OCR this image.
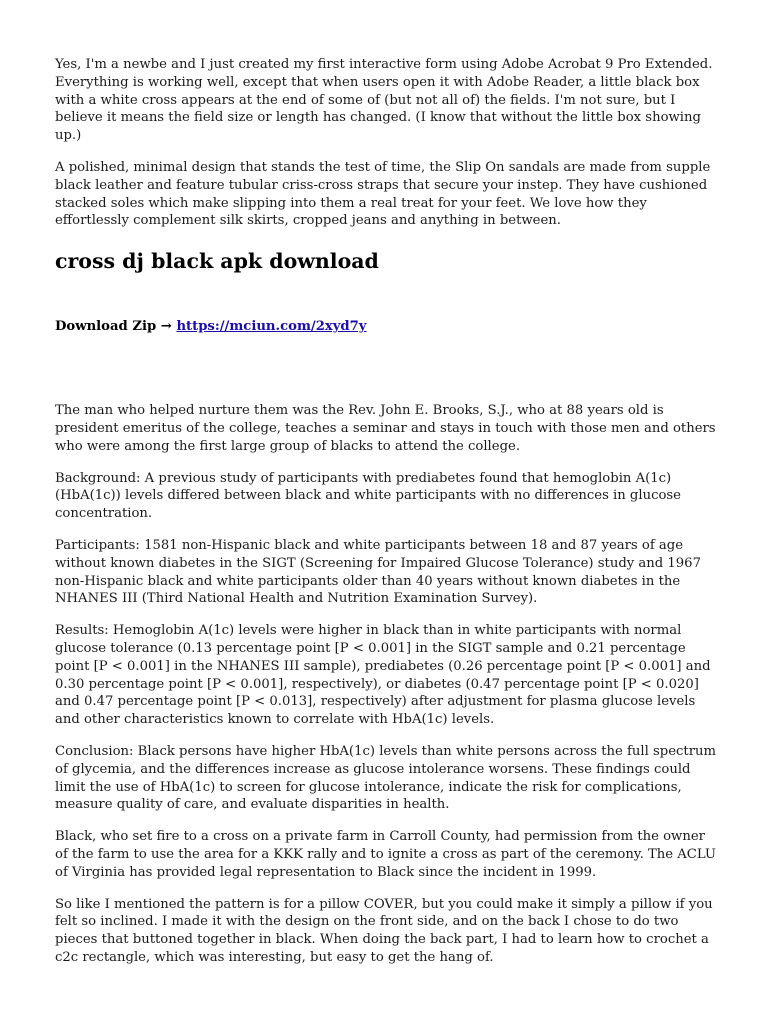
Yes, I'm a newbe and I just created my first interactive form using Adobe Acrobat 9 Pro Extended. Everything is working well, except that when users open it with Adobe Reader, a little black box with a white cross appears at the end of some of (but not all of) the fields. I'm not sure, but I believe it means the field size or length has changed. (I know that without the little box showing up.)

A polished, minimal design that stands the test of time, the Slip On sandals are made from supple black leather and feature tubular criss-cross straps that secure your instep. They have cushioned stacked soles which make slipping into them a real treat for your feet. We love how they effortlessly complement silk skirts, cropped jeans and anything in between.

cross dj black apk download
Download Zip → https://mciun.com/2xyd7y

The man who helped nurture them was the Rev. John E. Brooks, S.J., who at 88 years old is president emeritus of the college, teaches a seminar and stays in touch with those men and others who were among the first large group of blacks to attend the college.

Background: A previous study of participants with prediabetes found that hemoglobin A(1c) (HbA(1c)) levels differed between black and white participants with no differences in glucose concentration.

Participants: 1581 non-Hispanic black and white participants between 18 and 87 years of age without known diabetes in the SIGT (Screening for Impaired Glucose Tolerance) study and 1967 non-Hispanic black and white participants older than 40 years without known diabetes in the NHANES III (Third National Health and Nutrition Examination Survey).

Results: Hemoglobin A(1c) levels were higher in black than in white participants with normal glucose tolerance (0.13 percentage point [P < 0.001] in the SIGT sample and 0.21 percentage point [P < 0.001] in the NHANES III sample), prediabetes (0.26 percentage point [P < 0.001] and 0.30 percentage point [P < 0.001], respectively), or diabetes (0.47 percentage point [P < 0.020] and 0.47 percentage point [P < 0.013], respectively) after adjustment for plasma glucose levels and other characteristics known to correlate with HbA(1c) levels.

Conclusion: Black persons have higher HbA(1c) levels than white persons across the full spectrum of glycemia, and the differences increase as glucose intolerance worsens. These findings could limit the use of HbA(1c) to screen for glucose intolerance, indicate the risk for complications, measure quality of care, and evaluate disparities in health.

Black, who set fire to a cross on a private farm in Carroll County, had permission from the owner of the farm to use the area for a KKK rally and to ignite a cross as part of the ceremony. The ACLU of Virginia has provided legal representation to Black since the incident in 1999.

So like I mentioned the pattern is for a pillow COVER, but you could make it simply a pillow if you felt so inclined. I made it with the design on the front side, and on the back I chose to do two pieces that buttoned together in black. When doing the back part, I had to learn how to crochet a c2c rectangle, which was interesting, but easy to get the hang of.
